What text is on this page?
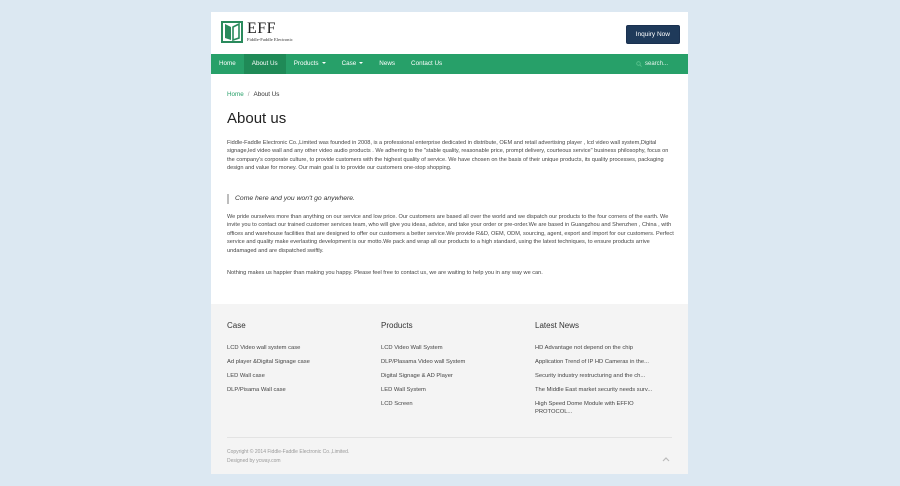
EFF
Fiddle-Faddle Electronic
Inquiry Now
Home	About Us	Products	Case	News	Contact Us	search...
Home / About Us
About us
Fiddle-Faddle Electronic Co.,Limited was founded in 2008, is a professional enterprise dedicated in distribute, OEM and retail advertising player , lcd video wall system,Digital signage,led video wall and any other video audio products . We adhering to the "stable quality, reasonable price, prompt delivery, courteous service" business philosophy, focus on the company's corporate culture, to provide customers with the highest quality of service. We have chosen on the basis of their unique products, its quality processes, packaging design and value for money. Our main goal is to provide our customers one-stop shopping.
Come here and you won't go anywhere.
We pride ourselves more than anything on our service and low price. Our customers are based all over the world and we dispatch our products to the four corners of the earth. We invite you to contact our trained customer services team, who will give you ideas, advice, and take your order or pre-order.We are based in Guangzhou and Shenzhen , China , with offices and warehouse facilities that are designed to offer our customers a better service.We provide R&D, OEM, ODM, sourcing, agent, export and import for our customers. Perfect service and quality make everlasting development is our motto.We pack and wrap all our products to a high standard, using the latest techniques, to ensure products arrive undamaged and are dispatched swiftly.
Nothing makes us happier than making you happy. Please feel free to contact us, we are waiting to help you in any way we can.
Case
LCD Video wall system case
Ad player &Digital Signage case
LED Wall case
DLP/Pisama Wall case
Products
LCD Video Wall System
DLP/Plasama Video wall System
Digital Signage & AD Player
LED Wall System
LCD Screen
Latest News
HD Advantage not depend on the chip
Application Trend of IP HD Cameras in the...
Security industry restructuring and the ch...
The Middle East market security needs surv...
High Speed Dome Module with EFFIO PROTOCOL...
Copyright © 2014 Fiddle-Faddle Electronic Co.,Limited.
Designed by ycway.com
